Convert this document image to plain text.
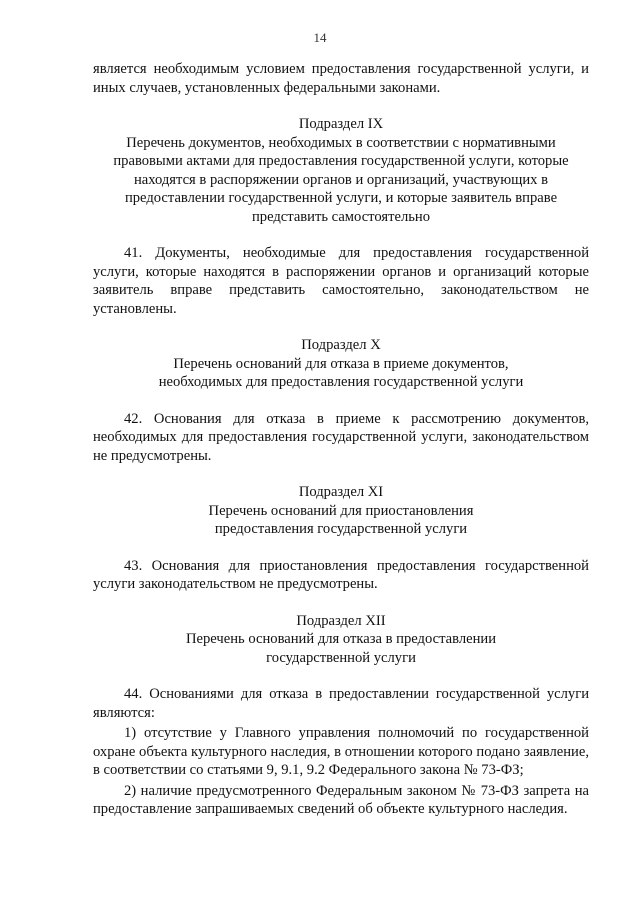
14

является необходимым условием предоставления государственной услуги, и иных случаев, установленных федеральными законами.

Подраздел IX

Перечень документов, необходимых в соответствии с нормативными правовыми актами для предоставления государственной услуги, которые находятся в распоряжении органов и организаций, участвующих в предоставлении государственной услуги, и которые заявитель вправе представить самостоятельно

41. Документы, необходимые для предоставления государственной услуги, которые находятся в распоряжении органов и организаций которые заявитель вправе представить самостоятельно, законодательством не установлены.

Подраздел X

Перечень оснований для отказа в приеме документов, необходимых для предоставления государственной услуги

42. Основания для отказа в приеме к рассмотрению документов, необходимых для предоставления государственной услуги, законодательством не предусмотрены.

Подраздел XI

Перечень оснований для приостановления предоставления государственной услуги

43. Основания для приостановления предоставления государственной услуги законодательством не предусмотрены.

Подраздел XII

Перечень оснований для отказа в предоставлении государственной услуги

44. Основаниями для отказа в предоставлении государственной услуги являются:

1) отсутствие у Главного управления полномочий по государственной охране объекта культурного наследия, в отношении которого подано заявление, в соответствии со статьями 9, 9.1, 9.2 Федерального закона № 73-ФЗ;

2) наличие предусмотренного Федеральным законом № 73-ФЗ запрета на предоставление запрашиваемых сведений об объекте культурного наследия.
